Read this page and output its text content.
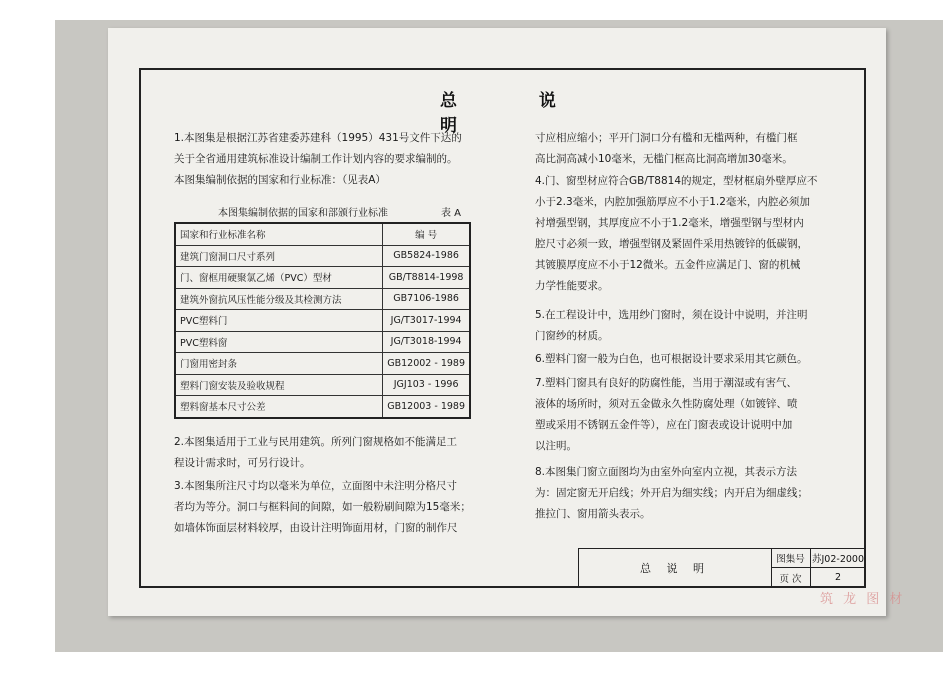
总 说 明
1.本图集是根据江苏省建委苏建科（1995）431号文件下达的
关于全省通用建筑标准设计编制工作计划内容的要求编制的。
本图集编制依据的国家和行业标准：（见表A）
本图集编制依据的国家和部颁行业标准	表 A
国家和行业标准名称	编 号
建筑门窗洞口尺寸系列	GB5824-1986
门、窗框用硬聚氯乙烯（PVC）型材	GB/T8814-1998
建筑外窗抗风压性能分级及其检测方法	GB7106-1986
PVC塑料门	JG/T3017-1994
PVC塑料窗	JG/T3018-1994
门窗用密封条	GB12002 - 1989
塑料门窗安装及验收规程	JGJ103 - 1996
塑料窗基本尺寸公差	GB12003 - 1989
2.本图集适用于工业与民用建筑。所列门窗规格如不能满足工
程设计需求时，可另行设计。
3.本图集所注尺寸均以毫米为单位，立面图中未注明分格尺寸
者均为等分。洞口与框料间的间隙，如一般粉刷间隙为15毫米；
如墙体饰面层材料较厚，由设计注明饰面用材，门窗的制作尺
寸应相应缩小；平开门洞口分有槛和无槛两种，有槛门框
高比洞高减小10毫米，无槛门框高比洞高增加30毫米。
4.门、窗型材应符合GB/T8814的规定，型材框扇外壁厚应不
小于2.3毫米，内腔加强筋厚应不小于1.2毫米，内腔必须加
衬增强型钢，其厚度应不小于1.2毫米，增强型钢与型材内
腔尺寸必须一致，增强型钢及紧固件采用热镀锌的低碳钢，
其镀膜厚度应不小于12微米。五金件应满足门、窗的机械
力学性能要求。
5.在工程设计中，选用纱门窗时，须在设计中说明，并注明
门窗纱的材质。
6.塑料门窗一般为白色，也可根据设计要求采用其它颜色。
7.塑料门窗具有良好的防腐性能，当用于潮湿或有害气、
液体的场所时，须对五金做永久性防腐处理（如镀锌、喷
塑或采用不锈钢五金件等），应在门窗表或设计说明中加
以注明。
8.本图集门窗立面图均为由室外向室内立视，其表示方法
为：固定窗无开启线；外开启为细实线；内开启为细虚线；
推拉门、窗用箭头表示。
总 说 明
图集号 苏J02-2000
页 次	2
筑 龙 图 材
